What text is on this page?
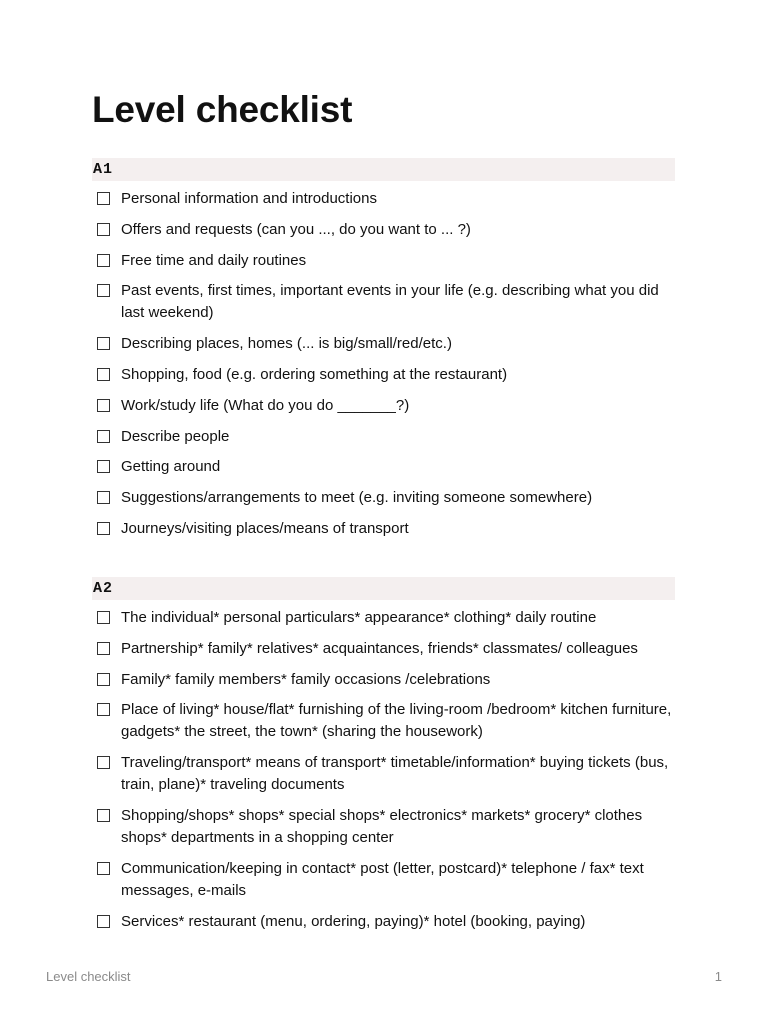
Level checklist
A1
Personal information and introductions
Offers and requests (can you ..., do you want to ... ?)
Free time and daily routines
Past events, first times, important events in your life (e.g. describing what you did last weekend)
Describing places, homes (... is big/small/red/etc.)
Shopping, food (e.g. ordering something at the restaurant)
Work/study life (What do you do _______?)
Describe people
Getting around
Suggestions/arrangements to meet (e.g. inviting someone somewhere)
Journeys/visiting places/means of transport
A2
The individual* personal particulars* appearance* clothing* daily routine
Partnership* family* relatives* acquaintances, friends* classmates/ colleagues
Family* family members* family occasions /celebrations
Place of living* house/flat* furnishing of the living-room /bedroom* kitchen furniture, gadgets* the street, the town* (sharing the housework)
Traveling/transport* means of transport* timetable/information* buying tickets (bus, train, plane)* traveling documents
Shopping/shops* shops* special shops* electronics* markets* grocery* clothes shops* departments in a shopping center
Communication/keeping in contact* post (letter, postcard)* telephone / fax* text messages, e-mails
Services* restaurant (menu, ordering, paying)* hotel (booking, paying)
Level checklist	1
